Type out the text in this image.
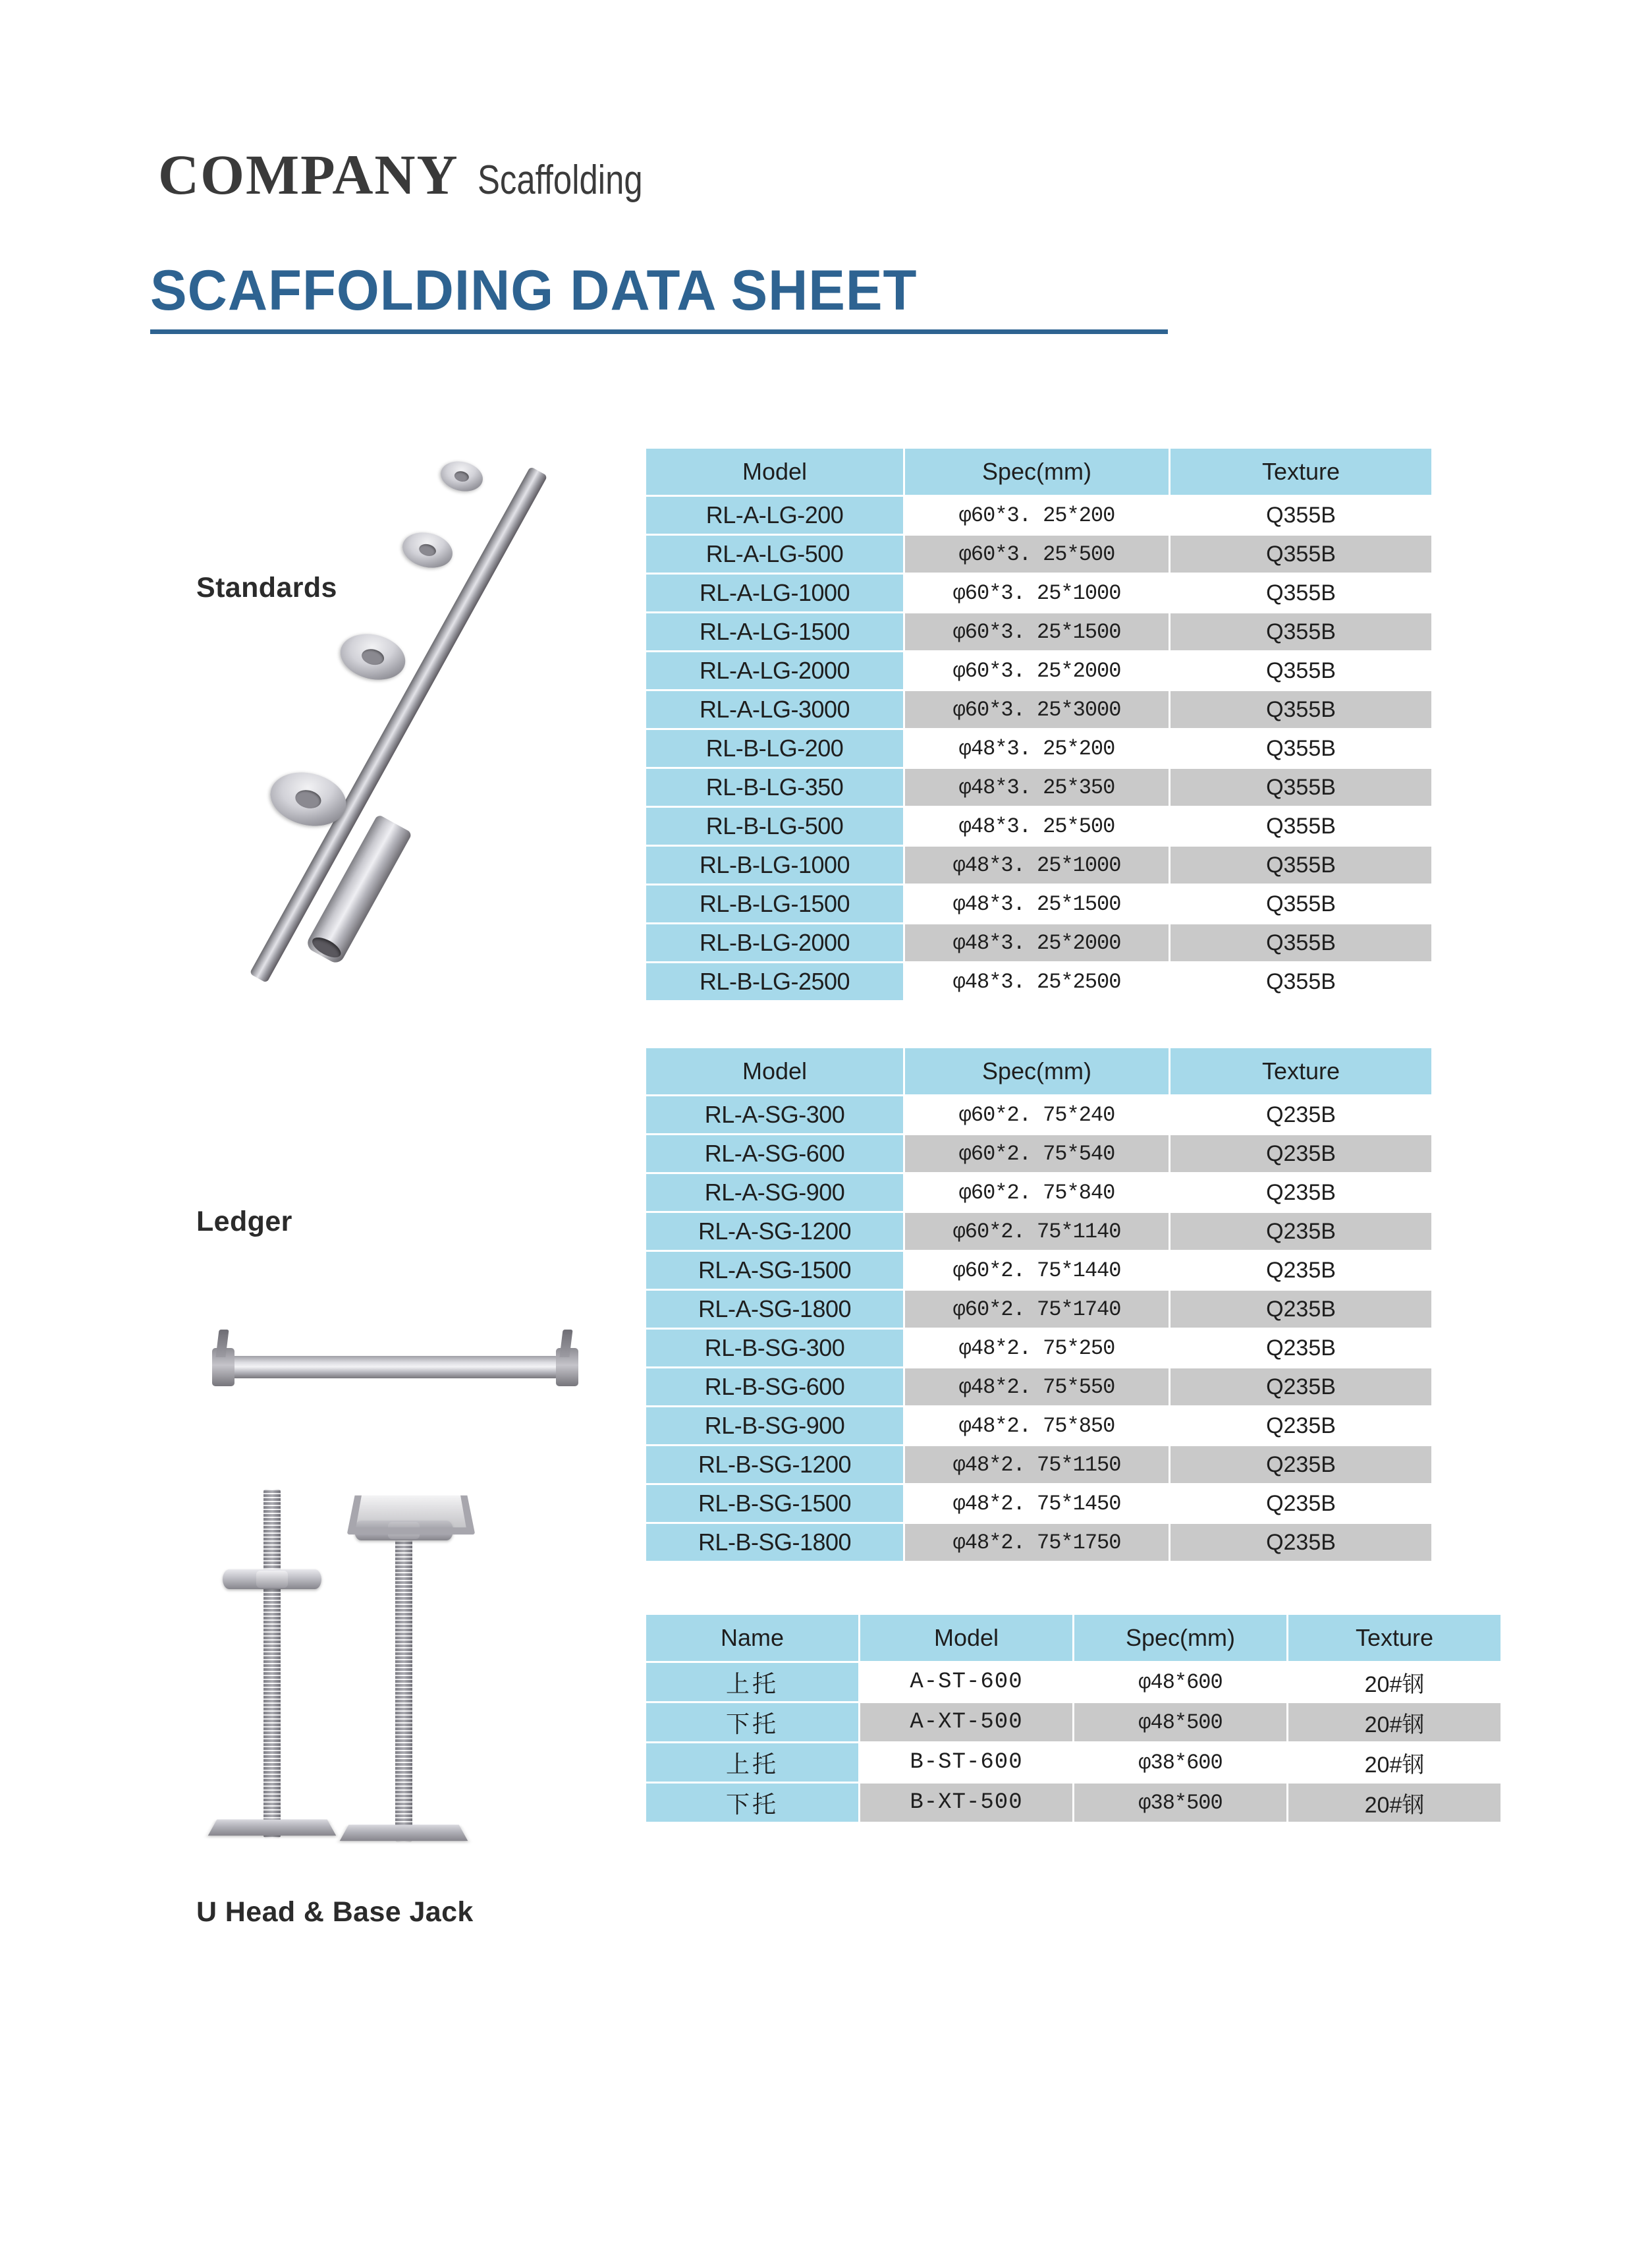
COMPANY Scaffolding
SCAFFOLDING DATA SHEET
Standards
Ledger
U Head & Base Jack
Model	Spec(mm)	Texture
RL-A-LG-200	φ60*3. 25*200	Q355B
RL-A-LG-500	φ60*3. 25*500	Q355B
RL-A-LG-1000	φ60*3. 25*1000	Q355B
RL-A-LG-1500	φ60*3. 25*1500	Q355B
RL-A-LG-2000	φ60*3. 25*2000	Q355B
RL-A-LG-3000	φ60*3. 25*3000	Q355B
RL-B-LG-200	φ48*3. 25*200	Q355B
RL-B-LG-350	φ48*3. 25*350	Q355B
RL-B-LG-500	φ48*3. 25*500	Q355B
RL-B-LG-1000	φ48*3. 25*1000	Q355B
RL-B-LG-1500	φ48*3. 25*1500	Q355B
RL-B-LG-2000	φ48*3. 25*2000	Q355B
RL-B-LG-2500	φ48*3. 25*2500	Q355B
Model	Spec(mm)	Texture
RL-A-SG-300	φ60*2. 75*240	Q235B
RL-A-SG-600	φ60*2. 75*540	Q235B
RL-A-SG-900	φ60*2. 75*840	Q235B
RL-A-SG-1200	φ60*2. 75*1140	Q235B
RL-A-SG-1500	φ60*2. 75*1440	Q235B
RL-A-SG-1800	φ60*2. 75*1740	Q235B
RL-B-SG-300	φ48*2. 75*250	Q235B
RL-B-SG-600	φ48*2. 75*550	Q235B
RL-B-SG-900	φ48*2. 75*850	Q235B
RL-B-SG-1200	φ48*2. 75*1150	Q235B
RL-B-SG-1500	φ48*2. 75*1450	Q235B
RL-B-SG-1800	φ48*2. 75*1750	Q235B
Name	Model	Spec(mm)	Texture
上托	A-ST-600	φ48*600	20#钢
下托	A-XT-500	φ48*500	20#钢
上托	B-ST-600	φ38*600	20#钢
下托	B-XT-500	φ38*500	20#钢
